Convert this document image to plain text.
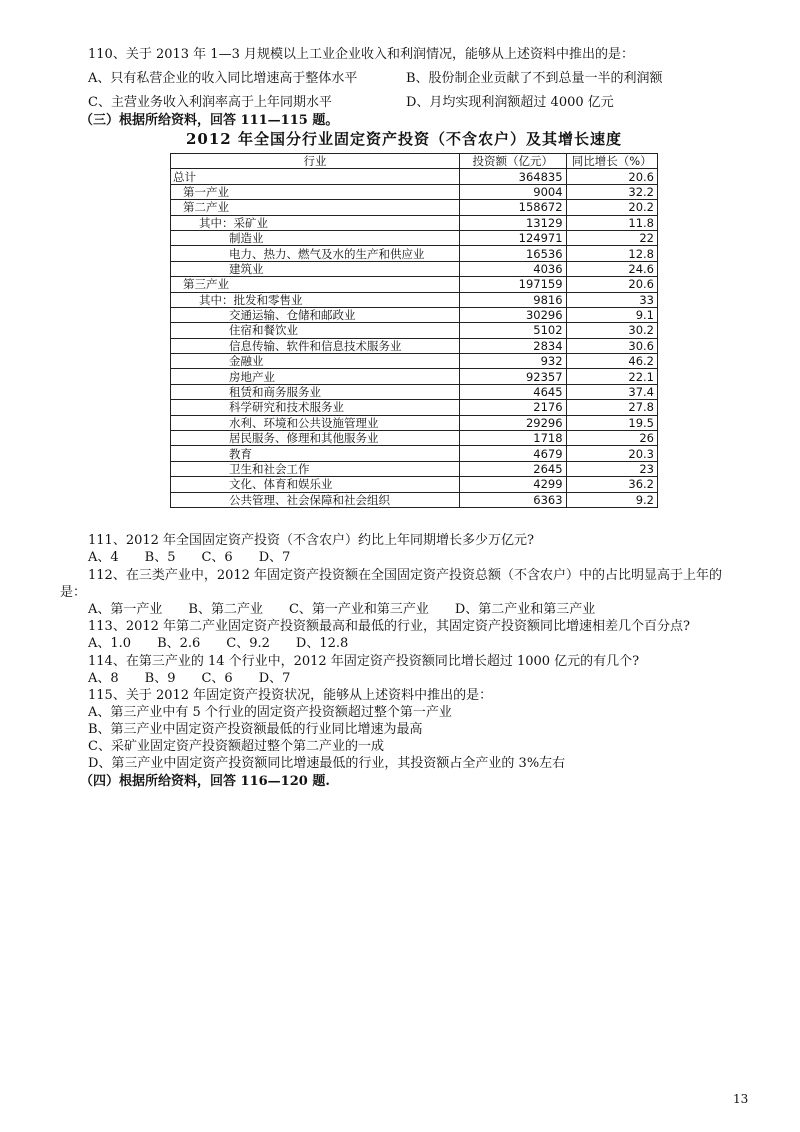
110、关于 2013 年 1—3 月规模以上工业企业收入和利润情况，能够从上述资料中推出的是：
A、只有私营企业的收入同比增速高于整体水平	B、股份制企业贡献了不到总量一半的利润额
C、主营业务收入利润率高于上年同期水平	D、月均实现利润额超过 4000 亿元
（三）根据所给资料，回答 111—115 题。
2012 年全国分行业固定资产投资（不含农户）及其增长速度
行业	投资额（亿元）	同比增长（%）
总计	364835	20.6
第一产业	9004	32.2
第二产业	158672	20.2
其中：采矿业	13129	11.8
制造业	124971	22
电力、热力、燃气及水的生产和供应业	16536	12.8
建筑业	4036	24.6
第三产业	197159	20.6
其中：批发和零售业	9816	33
交通运输、仓储和邮政业	30296	9.1
住宿和餐饮业	5102	30.2
信息传输、软件和信息技术服务业	2834	30.6
金融业	932	46.2
房地产业	92357	22.1
租赁和商务服务业	4645	37.4
科学研究和技术服务业	2176	27.8
水利、环境和公共设施管理业	29296	19.5
居民服务、修理和其他服务业	1718	26
教育	4679	20.3
卫生和社会工作	2645	23
文化、体育和娱乐业	4299	36.2
公共管理、社会保障和社会组织	6363	9.2
111、2012 年全国固定资产投资（不含农户）约比上年同期增长多少万亿元?
A、4　　B、5　　C、6　　D、7
112、在三类产业中，2012 年固定资产投资额在全国固定资产投资总额（不含农户）中的占比明显高于上年的
是：
A、第一产业　　B、第二产业　　C、第一产业和第三产业　　D、第二产业和第三产业
113、2012 年第二产业固定资产投资额最高和最低的行业，其固定资产投资额同比增速相差几个百分点?
A、1.0　　B、2.6　　C、9.2　　D、12.8
114、在第三产业的 14 个行业中，2012 年固定资产投资额同比增长超过 1000 亿元的有几个?
A、8　　B、9　　C、6　　D、7
115、关于 2012 年固定资产投资状况，能够从上述资料中推出的是：
A、第三产业中有 5 个行业的固定资产投资额超过整个第一产业
B、第三产业中固定资产投资额最低的行业同比增速为最高
C、采矿业固定资产投资额超过整个第二产业的一成
D、第三产业中固定资产投资额同比增速最低的行业，其投资额占全产业的 3%左右
（四）根据所给资料，回答 116—120 题.
13
